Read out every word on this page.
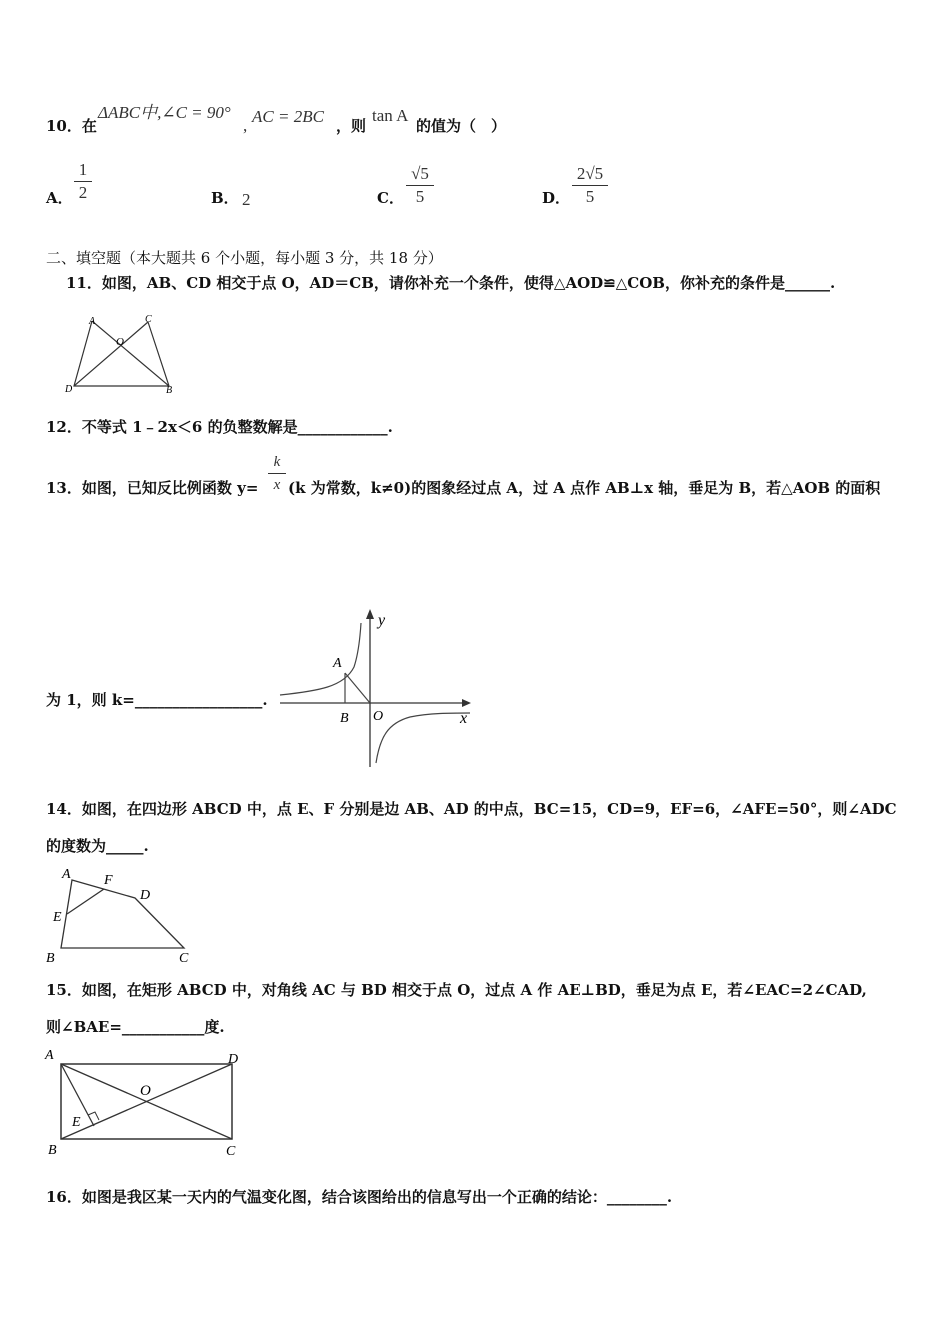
10．在
ΔABC中,∠C = 90°
, AC = 2BC ，则
tan A
的值为（　）
A．
1
2	B． 2	C．
√5
5	D．
2√5
5
二、填空题（本大题共 6 个小题，每小题 3 分，共 18 分）
11．如图，AB、CD 相交于点 O，AD＝CB，请你补充一个条件，使得△AOD≌△COB，你补充的条件是______.
A	C
O
D	B
12．不等式 1﹣2x＜6 的负整数解是____________.
13．如图，已知反比例函数 y=
k
x (k 为常数，k≠0)的图象经过点 A，过 A 点作 AB⊥x 轴，垂足为 B，若△AOB 的面积
为 1，则 k=_________________.
y
A
B O	x
14．如图，在四边形 ABCD 中，点 E、F 分别是边 AB、AD 的中点，BC=15，CD=9，EF=6，∠AFE=50°，则∠ADC
的度数为_____.
A F
D
E
B	C
15．如图，在矩形 ABCD 中，对角线 AC 与 BD 相交于点 O，过点 A 作 AE⊥BD，垂足为点 E，若∠EAC=2∠CAD,
则∠BAE=___________度.
A	D
O
E
B	C
16．如图是我区某一天内的气温变化图，结合该图给出的信息写出一个正确的结论：________.
